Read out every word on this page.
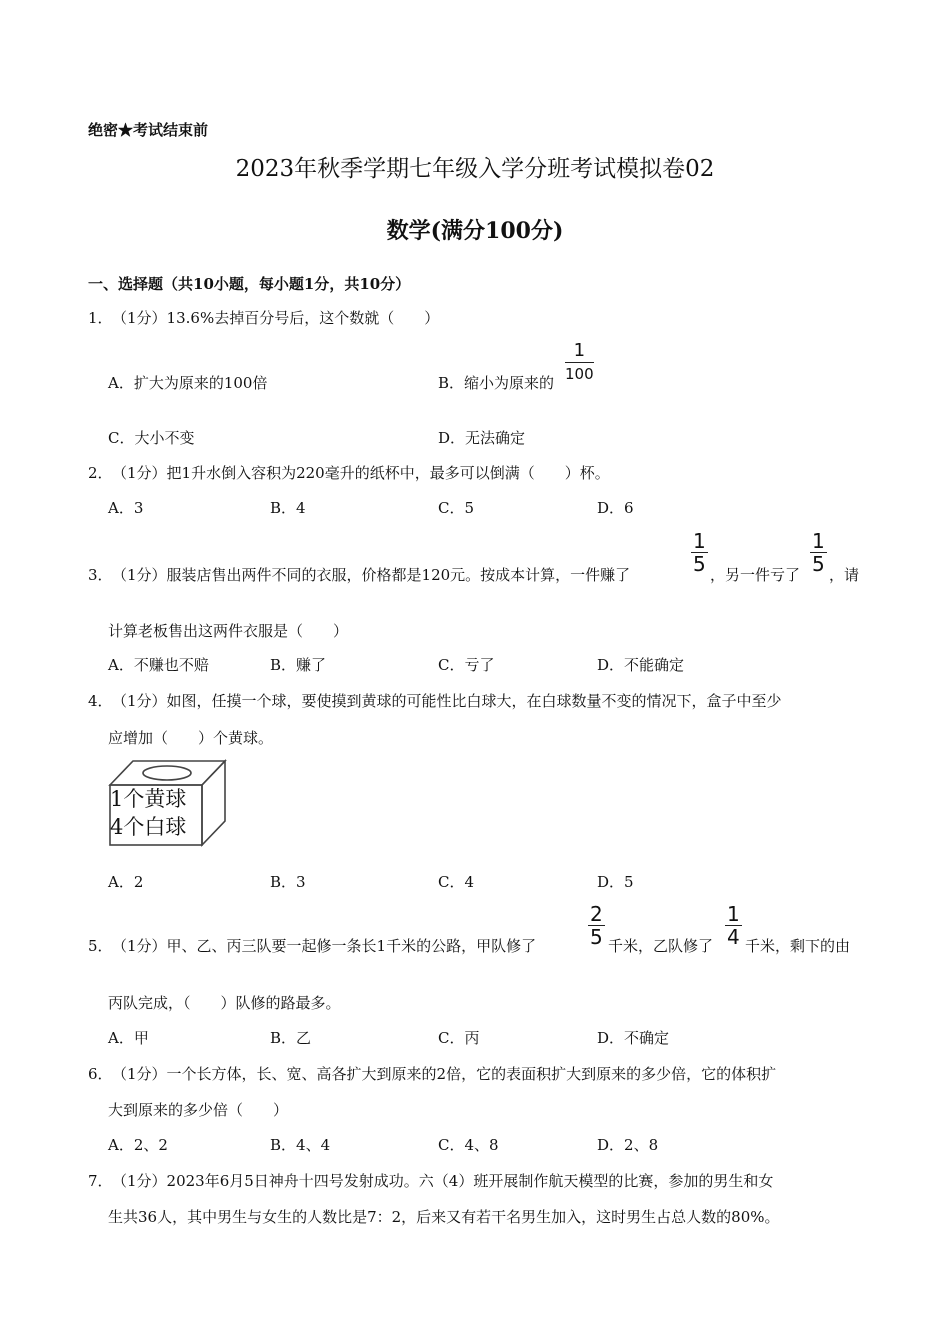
绝密★考试结束前
2023年秋季学期七年级入学分班考试模拟卷02
数学(满分100分)
一、选择题（共10小题，每小题1分，共10分）
1． （1分）13.6%去掉百分号后，这个数就（　　）
A．扩大为原来的100倍	B．缩小为原来的
1
100
C．大小不变	D．无法确定
2． （1分）把1升水倒入容积为220毫升的纸杯中，最多可以倒满（　　）杯。
A．3	B．4	C．5	D．6
3． （1分）服装店售出两件不同的衣服，价格都是120元。按成本计算，一件赚了	$\frac{1}{5}$ ，另一件亏了 $\frac{1}{5}$ ，请
计算老板售出这两件衣服是（　　）
A．不赚也不赔	B．赚了	C．亏了	D．不能确定
4． （1分）如图，任摸一个球，要使摸到黄球的可能性比白球大，在白球数量不变的情况下，盒子中至少
应增加（　　）个黄球。
1个黄球
4个白球
A．2	B．3	C．4	D．5
5． （1分）甲、乙、丙三队要一起修一条长1千米的公路，甲队修了	$\frac{2}{5}$ 千米，乙队修了 $\frac{1}{4}$ 千米，剩下的由
丙队完成，（　　）队修的路最多。
A．甲	B．乙	C．丙	D．不确定
6． （1分）一个长方体，长、宽、高各扩大到原来的2倍，它的表面积扩大到原来的多少倍，它的体积扩
大到原来的多少倍（　　）
A．2、2	B．4、4	C．4、8	D．2、8
7． （1分）2023年6月5日神舟十四号发射成功。六（4）班开展制作航天模型的比赛，参加的男生和女
生共36人，其中男生与女生的人数比是7：2，后来又有若干名男生加入，这时男生占总人数的80%。
